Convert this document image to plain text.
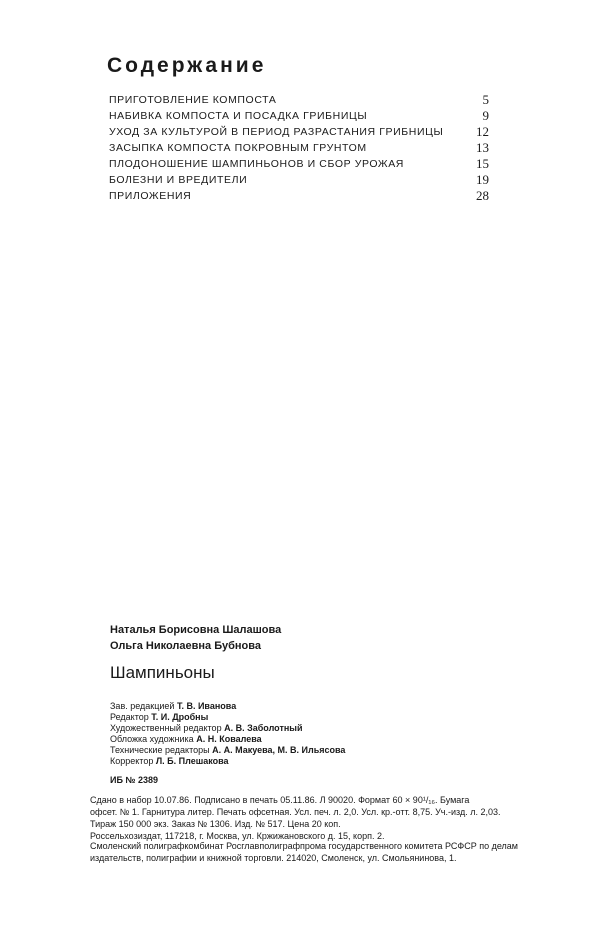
Содержание
ПРИГОТОВЛЕНИЕ КОМПОСТА	5
НАБИВКА КОМПОСТА И ПОСАДКА ГРИБНИЦЫ	9
УХОД ЗА КУЛЬТУРОЙ В ПЕРИОД РАЗРАСТАНИЯ ГРИБНИЦЫ	12
ЗАСЫПКА КОМПОСТА ПОКРОВНЫМ ГРУНТОМ	13
ПЛОДОНОШЕНИЕ ШАМПИНЬОНОВ И СБОР УРОЖАЯ	15
БОЛЕЗНИ И ВРЕДИТЕЛИ	19
ПРИЛОЖЕНИЯ	28
Наталья Борисовна Шалашова
Ольга Николаевна Бубнова
Шампиньоны
Зав. редакцией Т. В. Иванова
Редактор Т. И. Дробны
Художественный редактор А. В. Заболотный
Обложка художника А. Н. Ковалева
Технические редакторы А. А. Макуева, М. В. Ильясова
Корректор Л. Б. Плешакова
ИБ № 2389
Сдано в набор 10.07.86. Подписано в печать 05.11.86. Л 90020. Формат 60 × 90¹/₁₆. Бумага
офсет. № 1. Гарнитура литер. Печать офсетная. Усл. печ. л. 2,0. Усл. кр.-отт. 8,75. Уч.-изд. л. 2,03.
Тираж 150 000 экз. Заказ № 1306. Изд. № 517. Цена 20 коп.
Россельхозиздат, 117218, г. Москва, ул. Кржижановского д. 15, корп. 2.
Смоленский полиграфкомбинат Росглавполиграфпрома государственного комитета РСФСР по делам
издательств, полиграфии и книжной торговли. 214020, Смоленск, ул. Смольянинова, 1.
